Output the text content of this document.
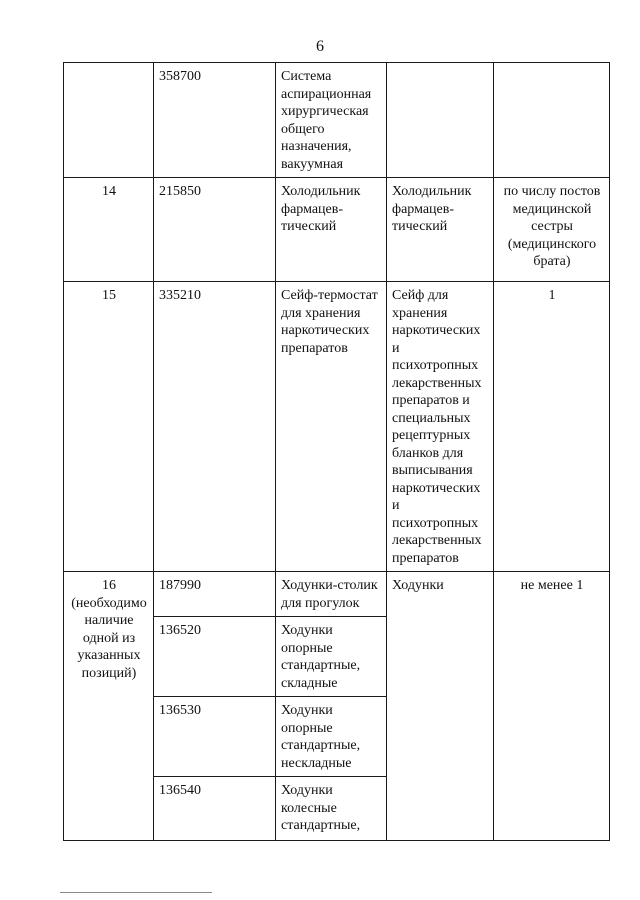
6
	358700	Система аспирационная хирургическая общего назначения, вакуумная		
14	215850	Холодильник фармацев-тический	Холодильник фармацев-тический	по числу постов медицинской сестры (медицинского брата)
15	335210	Сейф-термостат для хранения наркотических препаратов	Сейф для хранения наркотических и психотропных лекарственных препаратов и специальных рецептурных бланков для выписывания наркотических и психотропных лекарственных препаратов	1
16 (необходимо наличие одной из указанных позиций)	187990	Ходунки-столик для прогулок	Ходунки	не менее 1
	136520	Ходунки опорные стандартные, складные		
	136530	Ходунки опорные стандартные, нескладные		
	136540	Ходунки колесные стандартные,		
